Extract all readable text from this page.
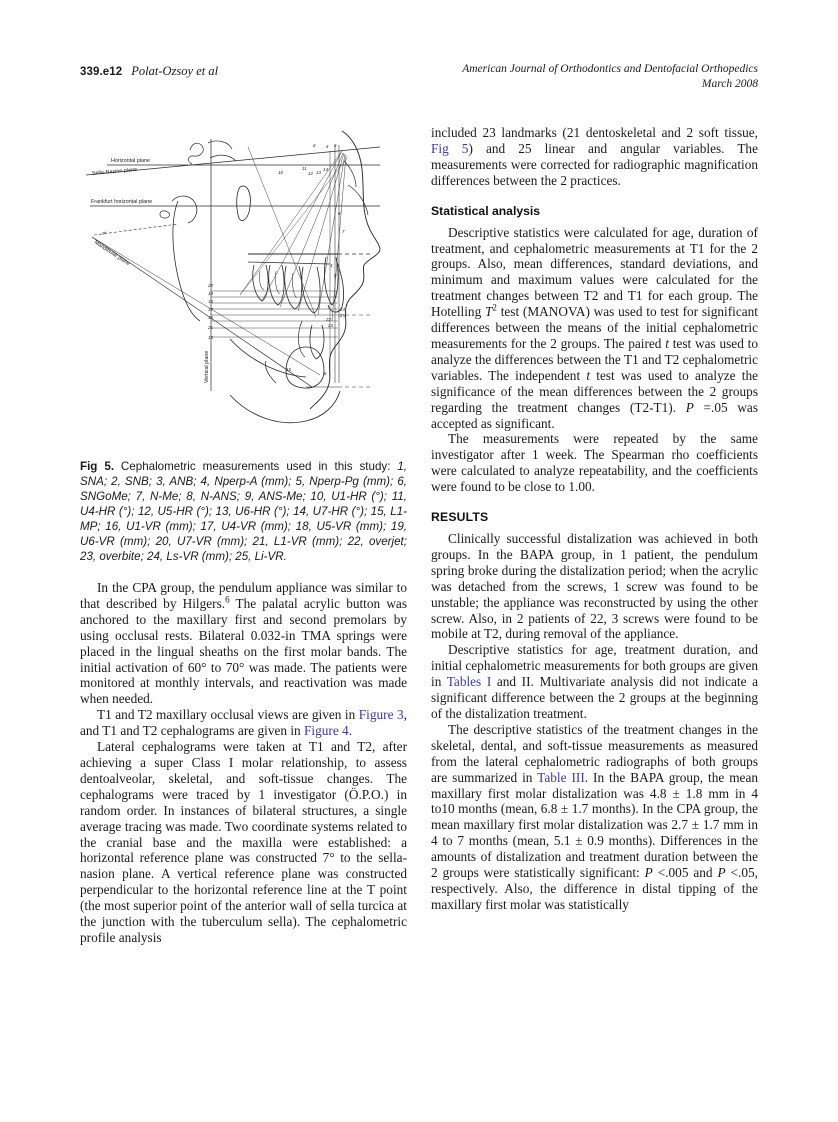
339.e12 Polat-Ozsoy et al	American Journal of Orthodontics and Dentofacial Orthopedics
March 2008
Horizontal plane
Sella-Nasion plane
Frankfurt horizontal plane
Mandibular plane
Vertical plane
7°
3 4 5
10
11
12 13
14
8
7
4
9
20
19
18
17
16
21
15
24
25
22
23
15
6
Fig 5. Cephalometric measurements used in this study: 1, SNA; 2, SNB; 3, ANB; 4, Nperp-A (mm); 5, Nperp-Pg (mm); 6, SNGoMe; 7, N-Me; 8, N-ANS; 9, ANS-Me; 10, U1-HR (°); 11, U4-HR (°); 12, U5-HR (°); 13, U6-HR (°); 14, U7-HR (°); 15, L1-MP; 16, U1-VR (mm); 17, U4-VR (mm); 18, U5-VR (mm); 19, U6-VR (mm); 20, U7-VR (mm); 21, L1-VR (mm); 22, overjet; 23, overbite; 24, Ls-VR (mm); 25, Li-VR.

In the CPA group, the pendulum appliance was similar to that described by Hilgers.$^6$ The palatal acrylic button was anchored to the maxillary first and second premolars by using occlusal rests. Bilateral 0.032-in TMA springs were placed in the lingual sheaths on the first molar bands. The initial activation of 60° to 70° was made. The patients were monitored at monthly intervals, and reactivation was made when needed.

T1 and T2 maxillary occlusal views are given in Figure 3, and T1 and T2 cephalograms are given in Figure 4.

Lateral cephalograms were taken at T1 and T2, after achieving a super Class I molar relationship, to assess dentoalveolar, skeletal, and soft-tissue changes. The cephalograms were traced by 1 investigator (Ö.P.O.) in random order. In instances of bilateral structures, a single average tracing was made. Two coordinate systems related to the cranial base and the maxilla were established: a horizontal reference plane was constructed 7° to the sella-nasion plane. A vertical reference plane was constructed perpendicular to the horizontal reference line at the T point (the most superior point of the anterior wall of sella turcica at the junction with the tuberculum sella). The cephalometric profile analysis

included 23 landmarks (21 dentoskeletal and 2 soft tissue, Fig 5) and 25 linear and angular variables. The measurements were corrected for radiographic magnification differences between the 2 practices.

Statistical analysis

Descriptive statistics were calculated for age, duration of treatment, and cephalometric measurements at T1 for the 2 groups. Also, mean differences, standard deviations, and minimum and maximum values were calculated for the treatment changes between T2 and T1 for each group. The Hotelling $T^2$ test (MANOVA) was used to test for significant differences between the means of the initial cephalometric measurements for the 2 groups. The paired t test was used to analyze the differences between the T1 and T2 cephalometric variables. The independent t test was used to analyze the significance of the mean differences between the 2 groups regarding the treatment changes (T2-T1). P =.05 was accepted as significant.

The measurements were repeated by the same investigator after 1 week. The Spearman rho coefficients were calculated to analyze repeatability, and the coefficients were found to be close to 1.00.

RESULTS

Clinically successful distalization was achieved in both groups. In the BAPA group, in 1 patient, the pendulum spring broke during the distalization period; when the acrylic was detached from the screws, 1 screw was found to be unstable; the appliance was reconstructed by using the other screw. Also, in 2 patients of 22, 3 screws were found to be mobile at T2, during removal of the appliance.

Descriptive statistics for age, treatment duration, and initial cephalometric measurements for both groups are given in Tables I and II. Multivariate analysis did not indicate a significant difference between the 2 groups at the beginning of the distalization treatment.

The descriptive statistics of the treatment changes in the skeletal, dental, and soft-tissue measurements as measured from the lateral cephalometric radiographs of both groups are summarized in Table III. In the BAPA group, the mean maxillary first molar distalization was 4.8 ± 1.8 mm in 4 to10 months (mean, 6.8 ± 1.7 months). In the CPA group, the mean maxillary first molar distalization was 2.7 ± 1.7 mm in 4 to 7 months (mean, 5.1 ± 0.9 months). Differences in the amounts of distalization and treatment duration between the 2 groups were statistically significant: P <.005 and P <.05, respectively. Also, the difference in distal tipping of the maxillary first molar was statistically
